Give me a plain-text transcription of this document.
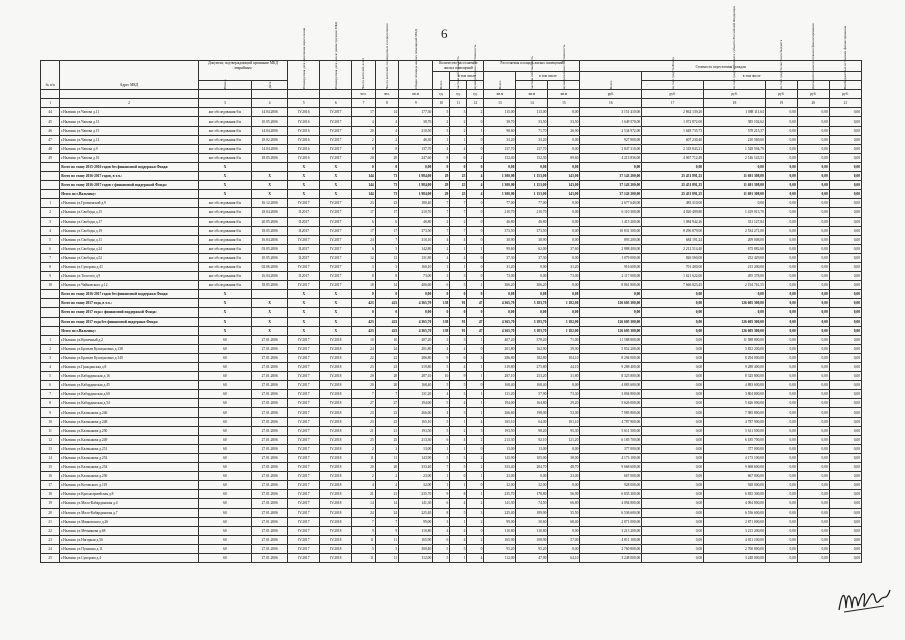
6
№ п/п	Адрес МКД	Документ, подтверждающий признание МКД аварийным		Планируемая дата окончания переселения	Планируемая дата сноса/ реконструкции МКД	Число жителей, всего	Число жителей, планируемых к переселению	Общая площадь жилых помещений МКД	Количество расселяемых жилых помещений			Расселяемая площадь жилых помещений			Стоимость переселения граждан					
									Всего	в том числе		Всего	в том числе		Всего	в том числе				
		Номер	Дата							частная собственность	муниципальная собственность		частная собственность	муниципальная собственность		за счет средств Фонда	за счет средств бюджета субъекта Российской Федерации	за счет средств местного бюджета	Дополнительные источники финансирования	Внебюджетные источники финансирования
						чел.	чел.	кв.м	ед.	ед.	ед.	кв.м	кв.м	кв.м	руб.	руб.	руб.	руб.	руб.	руб.
1	2	3	4	5	6	7	8	9	10	11	12	13	14	15	16	17	18	19	20	21
44	г.Нальчик ул.Чапова д.11	акт обследования б/н	14.04.2006	IV.2016	IV.2017	17	14	177,30	5	3	2	115,00	113,00	0,00	3 151 410,00	2 862 139,20	1 088 111,64	0,00	0,00	0,00
45	г.Нальчик ул.Чапова д.13	акт обследования б/н	10.05.2006	IV.2016	IV.2017	4	4	38,70	2	2	0	38,70	33,50	33,50	1 649 570,00	1 072 872,00	385 102,62	0,00	0,00	0,00
46	г.Нальчик ул.Чапова д.15	акт обследования б/н	14.04.2006	IV.2016	IV.2017	20	4	210,50	3	2	1	98,60	71,70	26,90	2 534 972,00	1 648 735,73	578 215,37	0,00	0,00	0,00
47	г.Нальчик ул.Чапова д.12	акт обследования б/н	18.02.2006	IV.2016	IV.2017	2	2	46,30	1	1	0	33,20	33,20	0,00	927 800,00	607 230,40	210 569,60	0,00	0,00	0,00
48	г.Нальчик ул.Чапова д.9	акт обследования б/н	14.04.2006	IV.2016	IV.2017	8	8	137,70	4	4	0	137,70	137,70	0,00	3 847 310,00	2 318 843,21	1 528 594,79	0,00	0,00	0,00
49	г.Нальчик ул.Чапова д.16	акт обследования б/н	18.05.2006	IV.2016	IV.2017	20	20	247,60	8	6	2	152,40	152,30	89,60	4 213 836,00	4 067 712,49	2 146 143,51	0,00	0,00	0,00
	Всего по этапу 2015-2016 годов без финансовой поддержки Фонда:	X		X	X	0	0	0,00	0	0	0	0,00	0,00	0,00	0,00	0,00	0,00	0,00	0,00	0,00
	Всего по этапу 2016-2017 годов, в т.ч.:	X	X	X	X	144	73	1 984,00	29	25	4	1 300,00	1 153,00	143,00	37 143 200,00	25 451 891,25	11 691 308,00	0,00	0,00	0,00
	Всего по этапу 2016-2017 годов с финансовой поддержкой Фонда:	X	X	X	X	144	73	1 984,00	29	25	4	1 300,00	1 153,00	143,00	37 143 200,00	25 451 891,25	11 691 308,00	0,00	0,00	0,00
	Итого по г.Нальчику:	X	X	X	X	144	73	1 984,00	29	25	4	1 300,00	1 153,00	143,00	37 143 200,00	25 451 891,25	11 691 308,00	0,00	0,00	0,00
1	г.Нальчик ул.Грозненской д.9	акт обследования б/н	16.12.2006	IV.2017	IV.2017	23	23	180,40	7	7	0	77,00	77,00	0,00	2 677 640,00	483 310,00	0,00	0,00	0,00	0,00
2	г.Нальчик ул.Свободы д.15	акт обследования б/н	18.04.2006	II.2017	IV.2017	17	17	210,70	7	7	0	210,70	210,70	0,00	6 110 300,00	4 020 499,80	1 419 013,70	0,00	0,00	0,00
3	г.Нальчик ул.Свободы д.17	акт обследования б/н	20.05.2006	II.2017	IV.2017	6	6	46,80	2	2	0	46,80	46,80	0,00	1 415 200,00	1 084 942,26	331 127,84	0,00	0,00	0,00
4	г.Нальчик ул.Свободы д.19	акт обследования б/н	18.05.2006	II.2017	IV.2017	17	17	373,50	7	7	0	373,50	373,50	0,00	10 831 500,00	8 296 879,00	2 534 271,00	0,00	0,00	0,00
5	г.Нальчик ул.Свободы д.11	акт обследования б/н	16.04.2006	IV.2017	IV.2017	24	7	310,10	4	4	0	30,90	30,90	0,00	893 200,00	684 191,24	209 008,00	0,00	0,00	0,00
6	г.Нальчик ул.Свободы д.24	акт обследования б/н	03.05.2006	II.2017	IV.2017	6	5	142,80	2	1	1	99,60	62,00	37,60	2 888 400,00	2 212 514,40	675 882,60	0,00	0,00	0,00
7	г.Нальчик ул.Свободы д.52	акт обследования б/н	10.05.2006	II.2017	IV.2017	12	12	131,80	4	4	0	37,30	37,30	0,00	1 079 000,00	826 560,00	252 429,00	0,00	0,00	0,00
8	г.Нальчик ул.Суворова д.41	акт обследования б/н	02.06.2006	IV.2017	IV.2017	3	3	160,10	1	1	0	31,20	0,00	31,20	916 600,00	701 400,00	213 200,00	0,00	0,00	0,00
9	г.Нальчик ул.Толстого д.9	акт обследования б/н	16.04.2006	II.2017	IV.2017	8	8	73,00	3	3	0	73,00	0,00	73,00	2 117 000,00	1 621 622,00	495 378,00	0,00	0,00	0,00
10	г.Нальчик ул.Чайковского д.12	акт обследования б/н	18.05.2006	IV.2017	IV.2017	18	14	406,60	6	5	1	306,20	306,20	0,00	8 861 800,00	7 666 823,45	2 194 761,55	0,00	0,00	0,00
	Всего по этапу 2016-2017 годов без финансовой поддержки Фонда:	X		X	X	0	0	0,00	0	0	0	0,00	0,00	0,00	0,00	0,00	0,00	0,00	0,00	0,00
	Всего по этапу 2017 года, в т.ч.:	X	X	X	X	423	423	4 365,70	138	91	47	4 365,70	3 183,70	1 182,00	126 605 300,00	0,00	126 605 300,00	0,00	0,00	0,00
	Всего по этапу 2017 года с финансовой поддержкой Фонда:	X	X	X	X	0	0	0,00	0	0	0	0,00	0,00	0,00	0,00	0,00	0,00	0,00	0,00	0,00
	Всего по этапу 2017 года без финансовой поддержки Фонда:	X	X	X	X	423	423	4 365,70	138	91	47	4 365,70	3 183,70	1 182,00	126 605 300,00	0,00	126 605 300,00	0,00	0,00	0,00
	Итого по г.Нальчику:	X	X	X	X	423	423	4 365,70	138	91	47	4 365,70	3 183,70	1 182,00	126 605 300,00	0,00	126 605 300,00	0,00	0,00	0,00
1	г.Нальчик ул.Кушечный д.2	60	27.01.2006	IV.2017	IV.2018	10	10	407,20	3	3	1	407,20	378,20	71,00	11 588 800,00	0,00	11 588 800,00	0,00	0,00	0,00
2	г.Нальчик ул.Братьев Кушхуновых д.138	60	27.01.2006	IV.2017	IV.2018	24	24	201,80	4	4	0	201,80	162,90	39,90	5 852 200,00	0,00	5 852 200,00	0,00	0,00	0,00
3	г.Нальчик ул.Братьев Кушхуновых д.140	60	27.01.2006	IV.2017	IV.2018	22	22	286,80	9	6	3	286,80	182,80	104,10	8 294 000,00	0,00	8 294 000,00	0,00	0,00	0,00
4	г.Нальчик ул.Гражданская д.8	60	27.01.2006	IV.2017	IV.2018	23	23	319,80	5	4	1	319,80	275,80	44,10	9 288 400,00	0,00	9 288 400,00	0,00	0,00	0,00
5	г.Нальчик ул.Кабардинская д.16	60	27.01.2006	IV.2017	IV.2018	20	20	287,10	10	9	1	287,10	253,20	31,80	8 325 800,00	0,00	8 325 800,00	0,00	0,00	0,00
6	г.Нальчик ул.Кабардинская д.45	60	27.01.2006	IV.2017	IV.2018	20	20	168,40	5	5	0	168,40	168,40	0,00	4 883 600,00	0,00	4 883 600,00	0,00	0,00	0,00
7	г.Нальчик ул.Кабардинская д.60	60	27.01.2006	IV.2017	IV.2018	7	7	131,20	4	3	1	131,20	57,90	73,30	3 804 800,00	0,00	3 804 800,00	0,00	0,00	0,00
8	г.Нальчик ул.Кабардинская д.54	60	27.01.2006	IV.2017	IV.2018	27	27	194,00	5	4	1	194,00	164,80	29,20	5 626 000,00	0,00	5 626 000,00	0,00	0,00	0,00
9	г.Нальчик ул.Калмыкова д.246	60	27.01.2006	IV.2017	IV.2018	23	23	266,60	4	3	1	266,60	198,00	53,00	7 985 800,00	0,00	7 985 800,00	0,00	0,00	0,00
10	г.Нальчик ул.Калмыкова д.248	60	27.01.2006	IV.2017	IV.2018	23	23	165,10	5	1	4	165,10	64,00	101,10	4 787 900,00	0,00	4 787 900,00	0,00	0,00	0,00
11	г.Нальчик ул.Калмыкова д.250	60	27.01.2006	IV.2017	IV.2018	21	21	193,50	5	2	3	193,50	98,20	95,30	5 611 500,00	0,00	5 611 500,00	0,00	0,00	0,00
12	г.Нальчик ул.Калмыкова д.249	60	27.01.2006	IV.2017	IV.2018	25	25	213,30	6	4	2	213,30	92,10	121,20	6 185 700,00	0,00	6 185 700,00	0,00	0,00	0,00
13	г.Нальчик ул.Калмыкова д.251	60	27.01.2006	IV.2017	IV.2018	2	2	13,00	1	1	0	13,00	13,00	0,00	377 000,00	0,00	377 000,00	0,00	0,00	0,00
14	г.Нальчик ул.Калмыкова д.252	60	27.01.2006	IV.2017	IV.2018	11	11	143,90	5	3	2	143,90	105,00	38,00	4 173 100,00	0,00	4 173 100,00	0,00	0,00	0,00
15	г.Нальчик ул.Калмыкова д.254	60	27.01.2006	IV.2017	IV.2018	20	20	333,40	7	5	2	333,40	284,70	48,70	9 668 600,00	0,00	9 668 600,00	0,00	0,00	0,00
16	г.Нальчик ул.Калмыкова д.256	60	27.01.2006	IV.2017	IV.2018	2	2	23,00	1	0	1	23,00	0,00	23,00	667 000,00	0,00	667 000,00	0,00	0,00	0,00
17	г.Нальчик ул.Котовского д.119	60	27.01.2006	IV.2017	IV.2018	4	4	32,00	1	1	0	32,00	32,00	0,00	928 000,00	0,00	928 000,00	0,00	0,00	0,00
18	г.Нальчик ул.Красноармейская д.8	60	27.01.2006	IV.2017	IV.2018	21	21	235,70	9	8	1	235,70	178,80	56,90	6 835 300,00	0,00	6 835 300,00	0,00	0,00	0,00
19	г.Нальчик ул.Мало-Кабардинская д.4	60	27.01.2006	IV.2017	IV.2018	14	14	141,30	6	4	2	141,30	74,50	66,80	4 094 800,00	0,00	4 094 800,00	0,00	0,00	0,00
20	г.Нальчик ул.Мало-Кабардинская д.7	60	27.01.2006	IV.2017	IV.2018	24	24	225,40	8	5	3	225,40	189,90	35,50	6 536 600,00	0,00	6 536 600,00	0,00	0,00	0,00
21	г.Нальчик ул.Маяковского д.26	60	27.01.2006	IV.2017	IV.2018	7	7	99,00	3	1	2	99,00	30,60	68,40	2 871 000,00	0,00	2 871 000,00	0,00	0,00	0,00
22	г.Нальчик ул.Мечникова д.68	60	27.01.2006	IV.2017	IV.2018	9	9	110,80	4	4	0	110,80	110,80	0,00	3 213 200,00	0,00	3 213 200,00	0,00	0,00	0,00
23	г.Нальчик ул.Нагорная д.56	60	27.01.2006	IV.2017	IV.2018	11	11	165,90	6	4	2	165,90	108,90	57,00	4 811 100,00	0,00	4 811 100,00	0,00	0,00	0,00
24	г.Нальчик ул.Пушкина д.11	60	27.01.2006	IV.2017	IV.2018	5	5	300,40	5	5	0	95,20	95,20	0,00	2 760 800,00	0,00	2 760 800,00	0,00	0,00	0,00
25	г.Нальчик ул.Суворова д.4	60	27.01.2006	IV.2017	IV.2018	11	11	112,00	5	1	4	112,00	47,90	64,10	3 248 000,00	0,00	3 248 000,00	0,00	0,00	0,00
